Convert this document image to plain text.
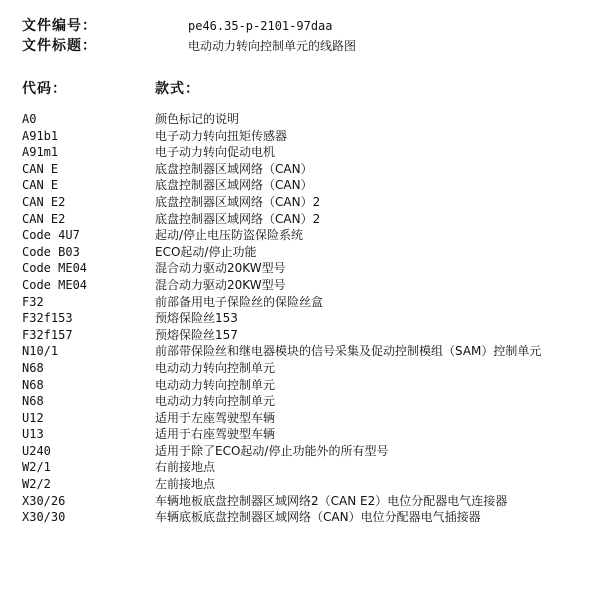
文件编号：	pe46.35-p-2101-97daa
文件标题：	电动动力转向控制单元的线路图
代码：	款式：
A0	颜色标记的说明
A91b1	电子动力转向扭矩传感器
A91m1	电子动力转向促动电机
CAN E	底盘控制器区域网络（CAN）
CAN E	底盘控制器区域网络（CAN）
CAN E2	底盘控制器区域网络（CAN）2
CAN E2	底盘控制器区域网络（CAN）2
Code 4U7	起动/停止电压防盗保险系统
Code B03	ECO起动/停止功能
Code ME04	混合动力驱动20KW型号
Code ME04	混合动力驱动20KW型号
F32	前部备用电子保险丝的保险丝盒
F32f153	预熔保险丝153
F32f157	预熔保险丝157
N10/1	前部带保险丝和继电器模块的信号采集及促动控制模组（SAM）控制单元
N68	电动动力转向控制单元
N68	电动动力转向控制单元
N68	电动动力转向控制单元
U12	适用于左座驾驶型车辆
U13	适用于右座驾驶型车辆
U240	适用于除了ECO起动/停止功能外的所有型号
W2/1	右前接地点
W2/2	左前接地点
X30/26	车辆地板底盘控制器区域网络2（CAN E2）电位分配器电气连接器
X30/30	车辆底板底盘控制器区域网络（CAN）电位分配器电气插接器
